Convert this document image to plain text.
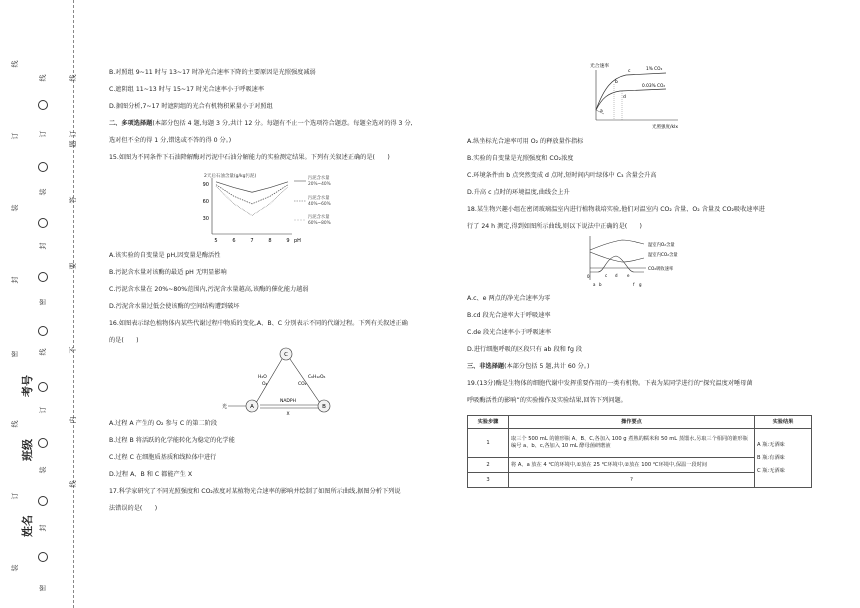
线
订
装
封
密
线
订
装
封
密
线
订
题
答
要
不
内
线
线
订
装
封
密
线
订
装
考号
班级
姓名
B.对照组 9~11 时与 13~17 时净光合速率下降的主要原因是光照强度减弱
C.遮阴组 11~13 时与 15~17 时光合速率小于呼吸速率
D.据图分析,7~17 时遮阴组的光合有机物积累量小于对照组
二、多项选择题(本部分包括 4 题,每题 3 分,共计 12 分。每题有不止一个选项符合题意。每题全选对的得 3 分,
选对但不全的得 1 分,错选或不答的得 0 分。)
15.如图为不同条件下石油降解酶对污泥中石油分解能力的实验测定结果。下列有关叙述正确的是(　　)
2天后石油含量(g/kg污泥)
90
60
30
5	6	7	8	9 pH
污泥含水量
20%~40%
污泥含水量
40%~60%
污泥含水量
60%~80%
A.该实验的自变量是 pH,因变量是酶活性
B.污泥含水量对该酶的最适 pH 无明显影响
C.污泥含水量在 20%~80%范围内,污泥含水量越高,该酶的催化能力越弱
D.污泥含水量过低会使该酶的空间结构遭到破坏
16.如图表示绿色植物体内某些代谢过程中物质的变化,A、B、C 分别表示不同的代谢过程。下列有关叙述正确
的是(　　)
C
A	B
光
H₂O
O₂
C₆H₁₂O₆
CO₂
NADPH
X
A.过程 A 产生的 O₂ 参与 C 的第二阶段
B.过程 B 将活跃的化学能转化为稳定的化学能
C.过程 C 在细胞质基质和线粒体中进行
D.过程 A、B 和 C 都能产生 X
17.科学家研究了不同光照强度和 CO₂浓度对某植物光合速率的影响并绘制了如图所示曲线,据图分析下列说
法错误的是(　　)
光合速率
a
b
c
d
1% CO₂
0.03% CO₂
光照强度/klx
A.纵坐标光合速率可用 O₂ 的释放量作指标
B.实验的自变量是光照强度和 CO₂浓度
C.环境条件由 b 点突然变成 d 点时,短时间内叶绿体中 C₃ 含量会升高
D.升高 c 点时的环境温度,曲线会上升
18.某生物兴趣小组在密闭玻璃温室内进行植物栽培实验,他们对温室内 CO₂ 含量、O₂ 含量及 CO₂吸收速率进
行了 24 h 测定,得到如图所示曲线,则以下说法中正确的是(　　)
温室内O₂含量
温室内CO₂含量
CO₂吸收速率
0
a b
c d e
f g
A.c、e 两点的净光合速率为零
B.cd 段光合速率大于呼吸速率
C.de 段光合速率小于呼吸速率
D.进行细胞呼吸的区段只有 ab 段和 fg 段
三、非选择题(本部分包括 5 题,共计 60 分。)
19.(13分)酶是生物体的细胞代谢中发挥重要作用的一类有机物。下表为某同学进行的“探究温度对唾母菌
呼吸酶活性的影响”的实验操作及实验结果,回答下列问题。
实验步骤	操作要点	实验结果
1	取三个 500 mL 的锥形瓶 A、B、C,各加入 100 g 煮熟的糯米和 50 mL 蒸馏水,另取三个相同的锥形瓶编号 a、b、c,各加入 10 mL 酵母菌研磨液	A 瓶:无酒味
B 瓶:有酒味
C 瓶:无酒味

2	将 A、a 放在 4 ℃的环境中,①放在 25 ℃环境中,②放在 100 ℃环境中,保温一段时间	
3	?	
